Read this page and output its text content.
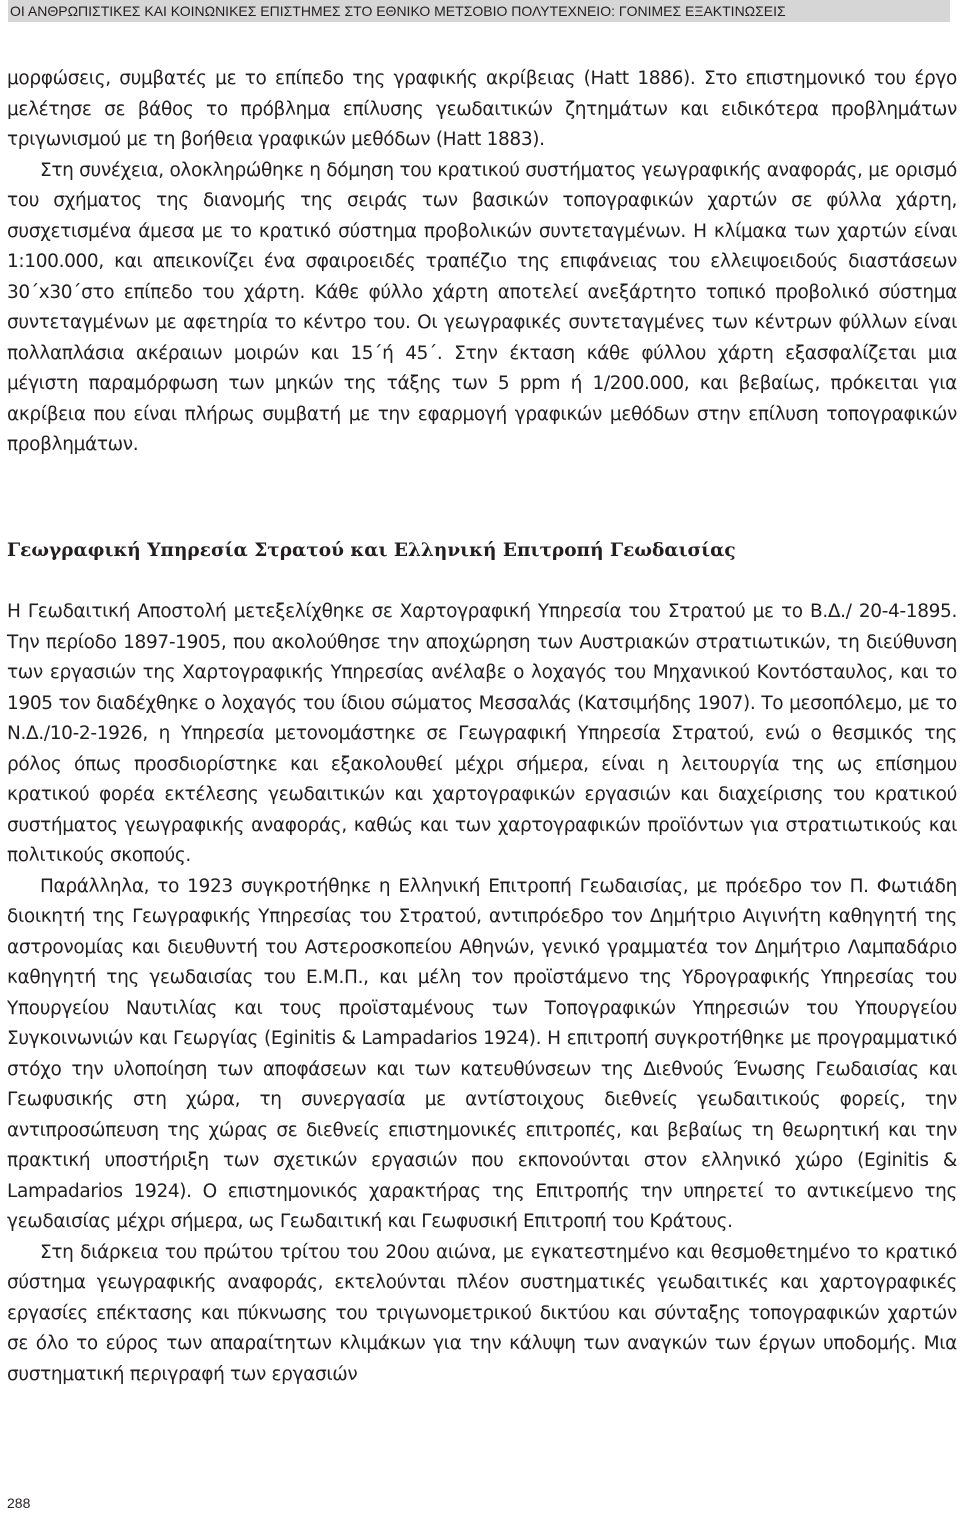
ΟΙ ΑΝΘΡΩΠΙΣΤΙΚΕΣ ΚΑΙ ΚΟΙΝΩΝΙΚΕΣ ΕΠΙΣΤΗΜΕΣ ΣΤΟ ΕΘΝΙΚΟ ΜΕΤΣΟΒΙΟ ΠΟΛΥΤΕΧΝΕΙΟ: ΓΟΝΙΜΕΣ ΕΞΑΚΤΙΝΩΣΕΙΣ

μορφώσεις, συμβατές με το επίπεδο της γραφικής ακρίβειας (Hatt 1886). Στο επιστημονικό του έργο μελέτησε σε βάθος το πρόβλημα επίλυσης γεωδαιτικών ζητημάτων και ειδικότερα προβλημάτων τριγωνισμού με τη βοήθεια γραφικών μεθόδων (Hatt 1883).

Στη συνέχεια, ολοκληρώθηκε η δόμηση του κρατικού συστήματος γεωγραφικής αναφοράς, με ορισμό του σχήματος της διανομής της σειράς των βασικών τοπογραφικών χαρτών σε φύλλα χάρτη, συσχετισμένα άμεσα με το κρατικό σύστημα προβολικών συντεταγμένων. Η κλίμακα των χαρτών είναι 1:100.000, και απεικονίζει ένα σφαιροειδές τραπέζιο της επιφάνειας του ελλειψοειδούς διαστάσεων 30΄x30΄στο επίπεδο του χάρτη. Κάθε φύλλο χάρτη αποτελεί ανεξάρτητο τοπικό προβολικό σύστημα συντεταγμένων με αφετηρία το κέντρο του. Οι γεωγραφικές συντεταγμένες των κέντρων φύλλων είναι πολλαπλάσια ακέραιων μοιρών και 15΄ή 45΄. Στην έκταση κάθε φύλλου χάρτη εξασφαλίζεται μια μέγιστη παραμόρφωση των μηκών της τάξης των 5 ppm ή 1/200.000, και βεβαίως, πρόκειται για ακρίβεια που είναι πλήρως συμβατή με την εφαρμογή γραφικών μεθόδων στην επίλυση τοπογραφικών προβλημάτων.

Γεωγραφική Υπηρεσία Στρατού και Ελληνική Επιτροπή Γεωδαισίας

Η Γεωδαιτική Αποστολή μετεξελίχθηκε σε Χαρτογραφική Υπηρεσία του Στρατού με το Β.Δ./ 20-4-1895. Την περίοδο 1897-1905, που ακολούθησε την αποχώρηση των Αυστριακών στρατιωτικών, τη διεύθυνση των εργασιών της Χαρτογραφικής Υπηρεσίας ανέλαβε ο λοχαγός του Μηχανικού Κοντόσταυλος, και το 1905 τον διαδέχθηκε ο λοχαγός του ίδιου σώματος Μεσσαλάς (Κατσιμήδης 1907). Το μεσοπόλεμο, με το Ν.Δ./10-2-1926, η Υπηρεσία μετονομάστηκε σε Γεωγραφική Υπηρεσία Στρατού, ενώ ο θεσμικός της ρόλος όπως προσδιορίστηκε και εξακολουθεί μέχρι σήμερα, είναι η λειτουργία της ως επίσημου κρατικού φορέα εκτέλεσης γεωδαιτικών και χαρτογραφικών εργασιών και διαχείρισης του κρατικού συστήματος γεωγραφικής αναφοράς, καθώς και των χαρτογραφικών προϊόντων για στρατιωτικούς και πολιτικούς σκοπούς.

Παράλληλα, το 1923 συγκροτήθηκε η Ελληνική Επιτροπή Γεωδαισίας, με πρόεδρο τον Π. Φωτιάδη διοικητή της Γεωγραφικής Υπηρεσίας του Στρατού, αντιπρόεδρο τον Δημήτριο Αιγινήτη καθηγητή της αστρονομίας και διευθυντή του Αστεροσκοπείου Αθηνών, γενικό γραμματέα τον Δημήτριο Λαμπαδάριο καθηγητή της γεωδαισίας του Ε.Μ.Π., και μέλη τον προϊστάμενο της Υδρογραφικής Υπηρεσίας του Υπουργείου Ναυτιλίας και τους προϊσταμένους των Τοπογραφικών Υπηρεσιών του Υπουργείου Συγκοινωνιών και Γεωργίας (Eginitis & Lampadarios 1924). Η επιτροπή συγκροτήθηκε με προγραμματικό στόχο την υλοποίηση των αποφάσεων και των κατευθύνσεων της Διεθνούς Ένωσης Γεωδαισίας και Γεωφυσικής στη χώρα, τη συνεργασία με αντίστοιχους διεθνείς γεωδαιτικούς φορείς, την αντιπροσώπευση της χώρας σε διεθνείς επιστημονικές επιτροπές, και βεβαίως τη θεωρητική και την πρακτική υποστήριξη των σχετικών εργασιών που εκπονούνται στον ελληνικό χώρο (Eginitis & Lampadarios 1924). Ο επιστημονικός χαρακτήρας της Επιτροπής την υπηρετεί το αντικείμενο της γεωδαισίας μέχρι σήμερα, ως Γεωδαιτική και Γεωφυσική Επιτροπή του Κράτους.

Στη διάρκεια του πρώτου τρίτου του 20ου αιώνα, με εγκατεστημένο και θεσμοθετημένο το κρατικό σύστημα γεωγραφικής αναφοράς, εκτελούνται πλέον συστηματικές γεωδαιτικές και χαρτογραφικές εργασίες επέκτασης και πύκνωσης του τριγωνομετρικού δικτύου και σύνταξης τοπογραφικών χαρτών σε όλο το εύρος των απαραίτητων κλιμάκων για την κάλυψη των αναγκών των έργων υποδομής. Μια συστηματική περιγραφή των εργασιών

288
